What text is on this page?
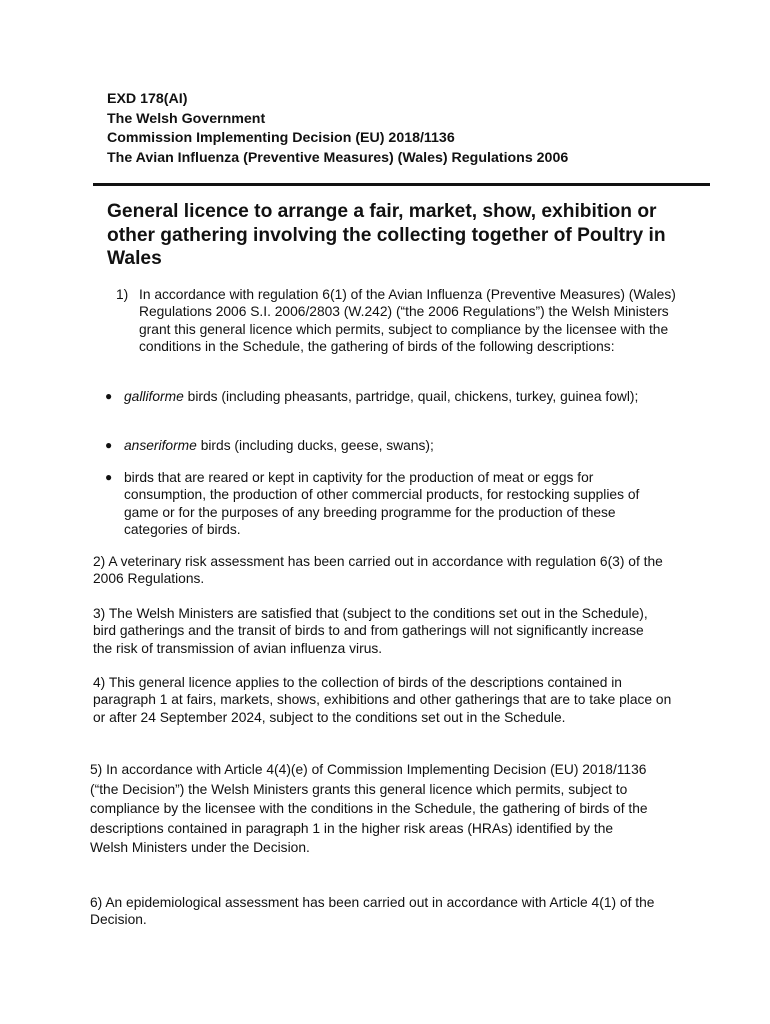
EXD 178(AI)
The Welsh Government
Commission Implementing Decision (EU) 2018/1136
The Avian Influenza (Preventive Measures) (Wales) Regulations 2006
General licence to arrange a fair, market, show, exhibition or other gathering involving the collecting together of Poultry in Wales
1) In accordance with regulation 6(1) of the Avian Influenza (Preventive Measures) (Wales) Regulations 2006 S.I. 2006/2803 (W.242) (“the 2006 Regulations”) the Welsh Ministers grant this general licence which permits, subject to compliance by the licensee with the conditions in the Schedule, the gathering of birds of the following descriptions:
● galliforme birds (including pheasants, partridge, quail, chickens, turkey, guinea fowl);
● anseriforme birds (including ducks, geese, swans);
● birds that are reared or kept in captivity for the production of meat or eggs for consumption, the production of other commercial products, for restocking supplies of game or for the purposes of any breeding programme for the production of these categories of birds.

2) A veterinary risk assessment has been carried out in accordance with regulation 6(3) of the 2006 Regulations.

3) The Welsh Ministers are satisfied that (subject to the conditions set out in the Schedule), bird gatherings and the transit of birds to and from gatherings will not significantly increase the risk of transmission of avian influenza virus.

4) This general licence applies to the collection of birds of the descriptions contained in paragraph 1 at fairs, markets, shows, exhibitions and other gatherings that are to take place on or after 24 September 2024, subject to the conditions set out in the Schedule.

5) In accordance with Article 4(4)(e) of Commission Implementing Decision (EU) 2018/1136 (“the Decision”) the Welsh Ministers grants this general licence which permits, subject to compliance by the licensee with the conditions in the Schedule, the gathering of birds of the descriptions contained in paragraph 1 in the higher risk areas (HRAs) identified by the Welsh Ministers under the Decision.

6) An epidemiological assessment has been carried out in accordance with Article 4(1) of the Decision.
